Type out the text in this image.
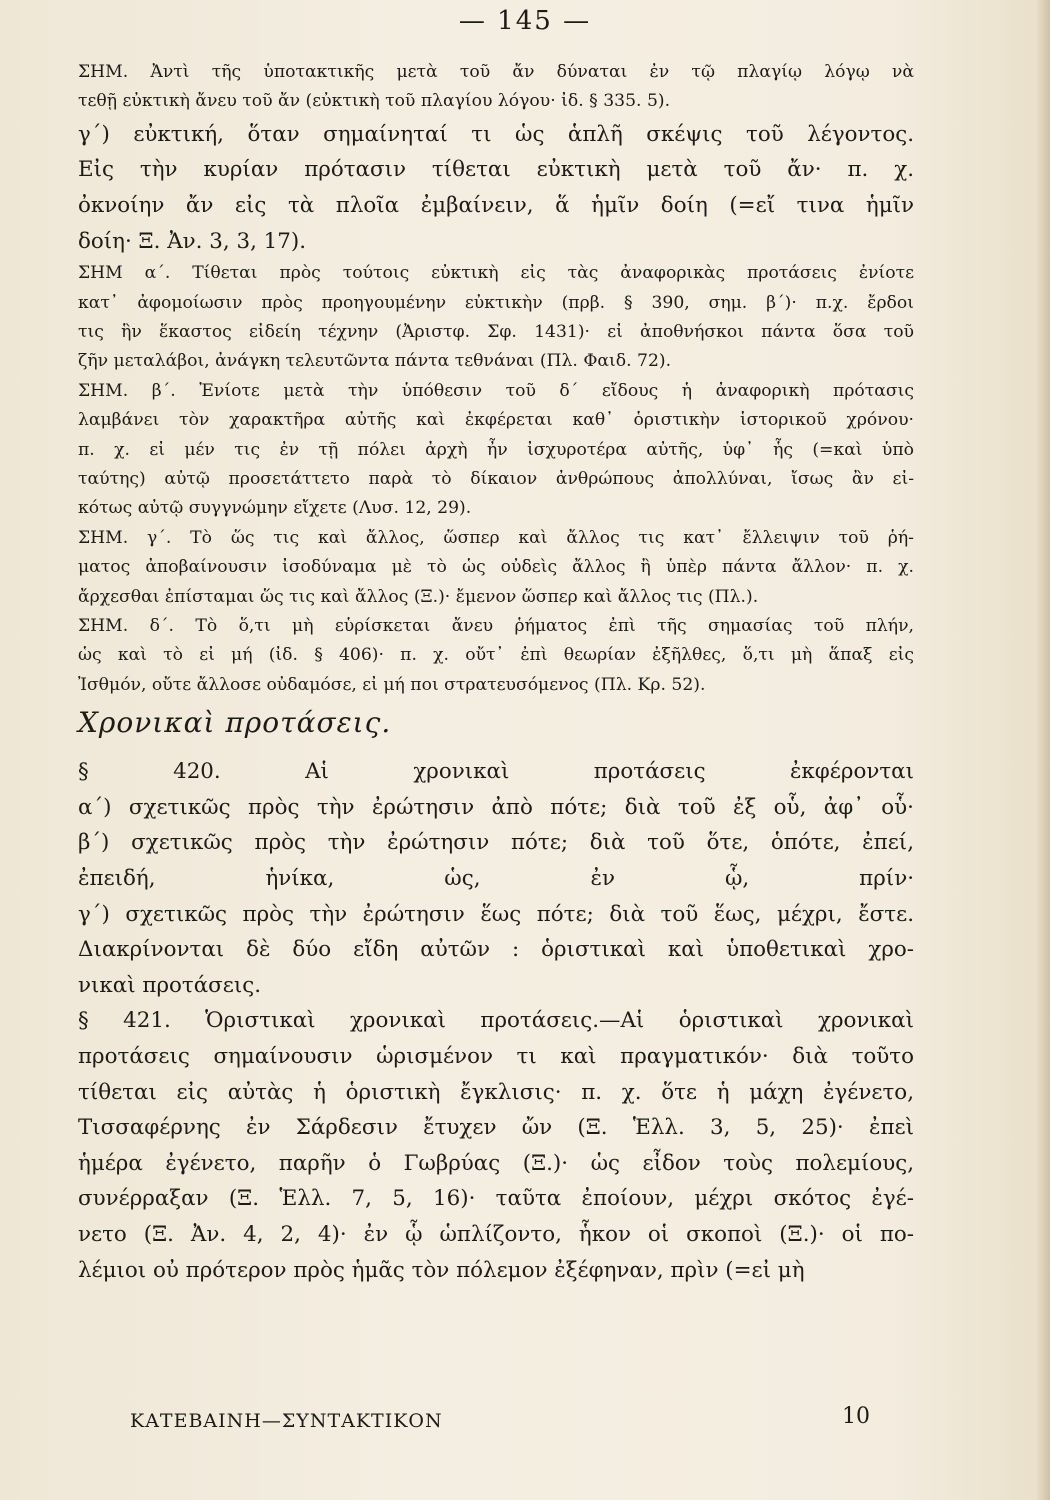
— 145 —

ΣΗΜ. Ἀντὶ τῆς ὑποτακτικῆς μετὰ τοῦ ἄν δύναται ἐν τῷ πλαγίῳ λόγῳ νὰ

τεθῇ εὐκτικὴ ἄνευ τοῦ ἄν (εὐκτικὴ τοῦ πλαγίου λόγου· ἰδ. § 335. 5).

γ΄) εὐκτική, ὅταν σημαίνηταί τι ὡς ἁπλῆ σκέψις τοῦ λέγοντος.

Εἰς τὴν κυρίαν πρότασιν τίθεται εὐκτικὴ μετὰ τοῦ ἄν· π. χ.

ὀκνοίην ἄν εἰς τὰ πλοῖα ἐμβαίνειν, ἅ ἡμῖν δοίη (=εἴ τινα ἡμῖν

δοίη· Ξ. Ἀν. 3, 3, 17).

ΣΗΜ α΄. Τίθεται πρὸς τούτοις εὐκτικὴ εἰς τὰς ἀναφορικὰς προτάσεις ἐνίοτε

κατ᾽ ἀφομοίωσιν πρὸς προηγουμένην εὐκτικὴν (πρβ. § 390, σημ. β΄)· π.χ. ἔρδοι

τις ἣν ἕκαστος εἰδείη τέχνην (Ἀριστφ. Σφ. 1431)· εἰ ἀποθνήσκοι πάντα ὅσα τοῦ

ζῆν μεταλάβοι, ἀνάγκη τελευτῶντα πάντα τεθνάναι (Πλ. Φαιδ. 72).

ΣΗΜ. β΄. Ἐνίοτε μετὰ τὴν ὑπόθεσιν τοῦ δ΄ εἴδους ἡ ἀναφορικὴ πρότασις

λαμβάνει τὸν χαρακτῆρα αὐτῆς καὶ ἐκφέρεται καθ᾽ ὁριστικὴν ἱστορικοῦ χρόνου·

π. χ. εἰ μέν τις ἐν τῇ πόλει ἀρχὴ ἦν ἰσχυροτέρα αὐτῆς, ὑφ᾽ ἧς (=καὶ ὑπὸ

ταύτης) αὐτῷ προσετάττετο παρὰ τὸ δίκαιον ἀνθρώπους ἀπολλύναι, ἴσως ἂν εἰ-

κότως αὐτῷ συγγνώμην εἴχετε (Λυσ. 12, 29).

ΣΗΜ. γ΄. Τὸ ὥς τις καὶ ἄλλος, ὥσπερ καὶ ἄλλος τις κατ᾽ ἔλλειψιν τοῦ ῥή-

ματος ἀποβαίνουσιν ἰσοδύναμα μὲ τὸ ὡς οὐδεὶς ἄλλος ἢ ὑπὲρ πάντα ἄλλον· π. χ.

ἄρχεσθαι ἐπίσταμαι ὥς τις καὶ ἄλλος (Ξ.)· ἔμενον ὥσπερ καὶ ἄλλος τις (Πλ.).

ΣΗΜ. δ΄. Τὸ ὅ,τι μὴ εὑρίσκεται ἄνευ ῥήματος ἐπὶ τῆς σημασίας τοῦ πλήν,

ὡς καὶ τὸ εἰ μή (ἰδ. § 406)· π. χ. οὔτ᾽ ἐπὶ θεωρίαν ἐξῆλθες, ὅ,τι μὴ ἅπαξ εἰς

Ἰσθμόν, οὔτε ἄλλοσε οὐδαμόσε, εἰ μή ποι στρατευσόμενος (Πλ. Κρ. 52).

Χρονικαὶ προτάσεις.

§ 420. Αἱ χρονικαὶ προτάσεις ἐκφέρονται

α΄) σχετικῶς πρὸς τὴν ἐρώτησιν ἀπὸ πότε; διὰ τοῦ ἐξ οὗ, ἀφ᾽ οὗ·

β΄) σχετικῶς πρὸς τὴν ἐρώτησιν πότε; διὰ τοῦ ὅτε, ὁπότε, ἐπεί,

ἐπειδή, ἡνίκα, ὡς, ἐν ᾧ, πρίν·

γ΄) σχετικῶς πρὸς τὴν ἐρώτησιν ἕως πότε; διὰ τοῦ ἕως, μέχρι, ἔστε.

Διακρίνονται δὲ δύο εἴδη αὐτῶν : ὁριστικαὶ καὶ ὑποθετικαὶ χρο-

νικαὶ προτάσεις.

§ 421. Ὁριστικαὶ χρονικαὶ προτάσεις.—Αἱ ὁριστικαὶ χρονικαὶ

προτάσεις σημαίνουσιν ὡρισμένον τι καὶ πραγματικόν· διὰ τοῦτο

τίθεται εἰς αὐτὰς ἡ ὁριστικὴ ἔγκλισις· π. χ. ὅτε ἡ μάχη ἐγένετο,

Τισσαφέρνης ἐν Σάρδεσιν ἔτυχεν ὤν (Ξ. Ἑλλ. 3, 5, 25)· ἐπεὶ

ἡμέρα ἐγένετο, παρῆν ὁ Γωβρύας (Ξ.)· ὡς εἶδον τοὺς πολεμίους,

συνέρραξαν (Ξ. Ἑλλ. 7, 5, 16)· ταῦτα ἐποίουν, μέχρι σκότος ἐγέ-

νετο (Ξ. Ἀν. 4, 2, 4)· ἐν ᾧ ὡπλίζοντο, ἧκον οἱ σκοποὶ (Ξ.)· οἱ πο-

λέμιοι οὐ πρότερον πρὸς ἡμᾶς τὸν πόλεμον ἐξέφηναν, πρὶν (=εἰ μὴ

ΚΑΤΕΒΑΙΝΗ—ΣΥΝΤΑΚΤΙΚΟΝ	10
